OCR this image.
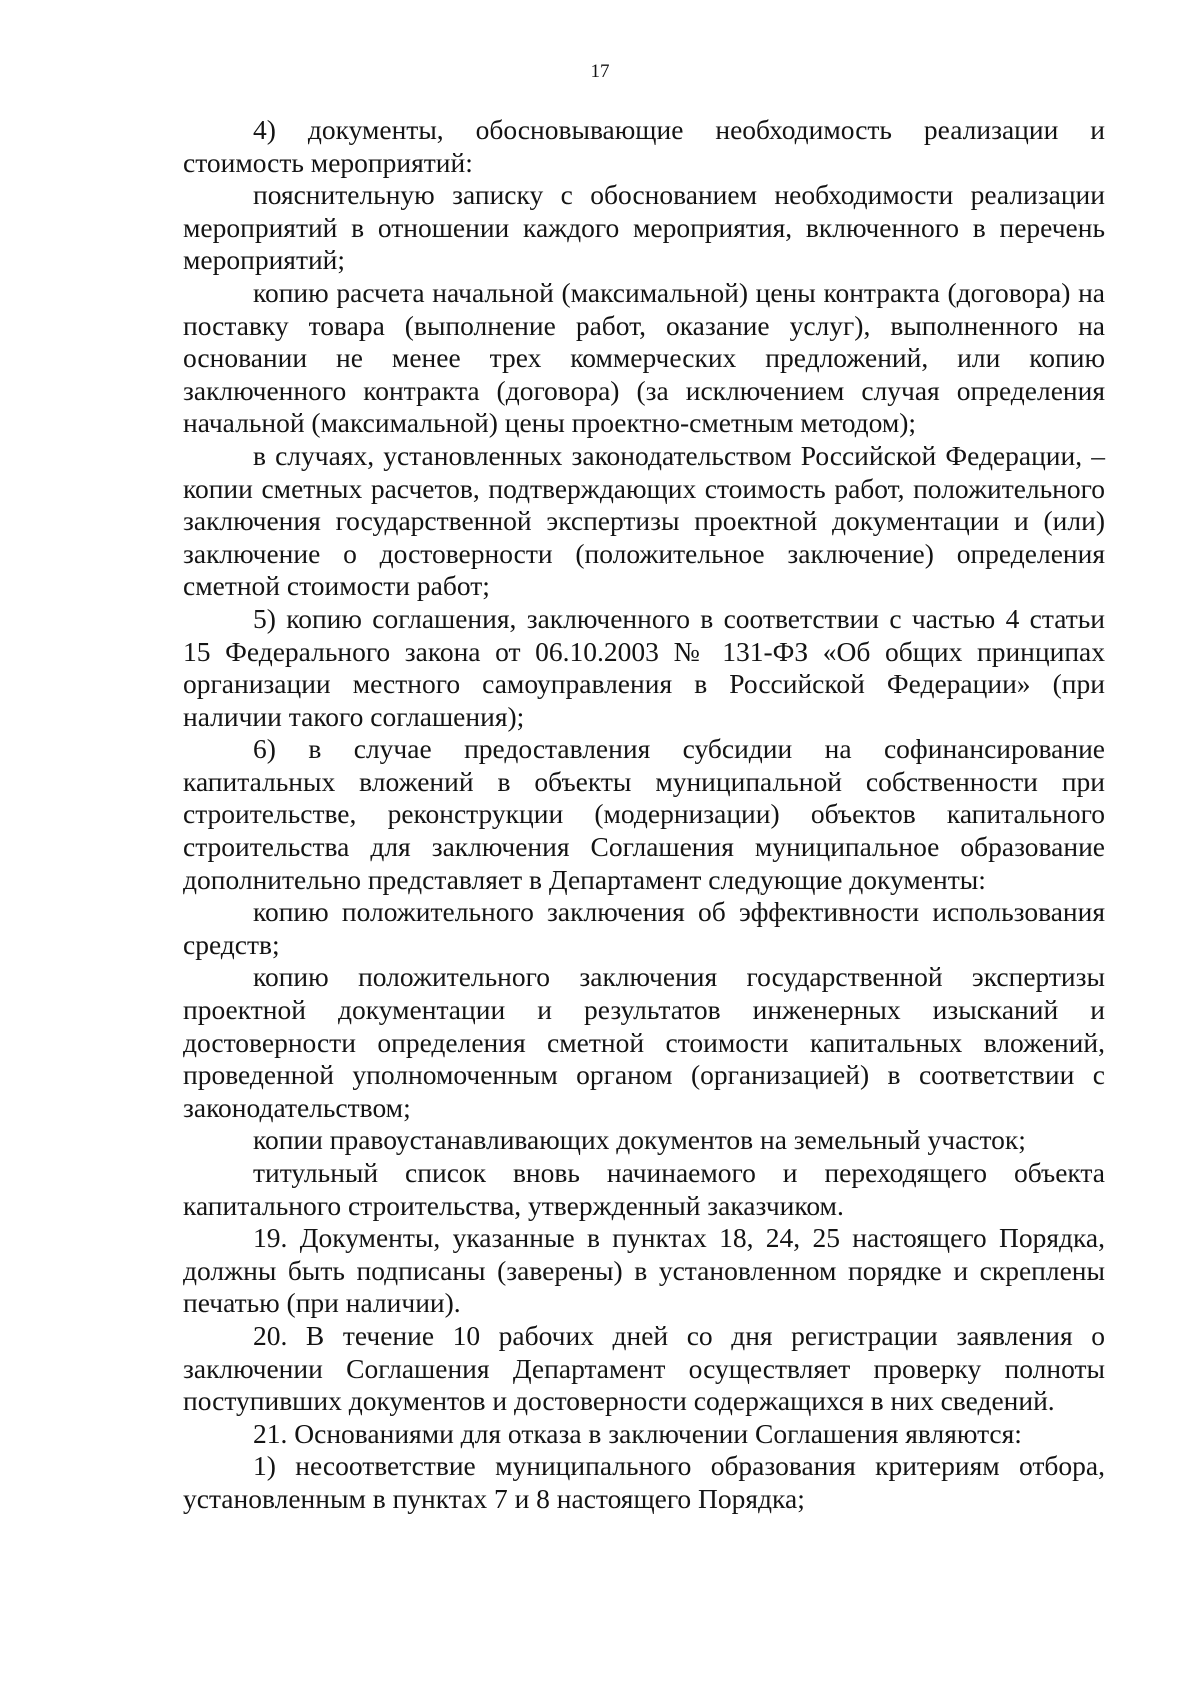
17

4) документы, обосновывающие необходимость реализации и стоимость мероприятий:

пояснительную записку с обоснованием необходимости реализации мероприятий в отношении каждого мероприятия, включенного в перечень мероприятий;

копию расчета начальной (максимальной) цены контракта (договора) на поставку товара (выполнение работ, оказание услуг), выполненного на основании не менее трех коммерческих предложений, или копию заключенного контракта (договора) (за исключением случая определения начальной (максимальной) цены проектно-сметным методом);

в случаях, установленных законодательством Российской Федерации, – копии сметных расчетов, подтверждающих стоимость работ, положительного заключения государственной экспертизы проектной документации и (или) заключение о достоверности (положительное заключение) определения сметной стоимости работ;

5) копию соглашения, заключенного в соответствии с частью 4 статьи 15 Федерального закона от 06.10.2003 № 131-ФЗ «Об общих принципах организации местного самоуправления в Российской Федерации» (при наличии такого соглашения);

6) в случае предоставления субсидии на софинансирование капитальных вложений в объекты муниципальной собственности при строительстве, реконструкции (модернизации) объектов капитального строительства для заключения Соглашения муниципальное образование дополнительно представляет в Департамент следующие документы:

копию положительного заключения об эффективности использования средств;

копию положительного заключения государственной экспертизы проектной документации и результатов инженерных изысканий и достоверности определения сметной стоимости капитальных вложений, проведенной уполномоченным органом (организацией) в соответствии с законодательством;

копии правоустанавливающих документов на земельный участок;

титульный список вновь начинаемого и переходящего объекта капитального строительства, утвержденный заказчиком.

19. Документы, указанные в пунктах 18, 24, 25 настоящего Порядка, должны быть подписаны (заверены) в установленном порядке и скреплены печатью (при наличии).

20. В течение 10 рабочих дней со дня регистрации заявления о заключении Соглашения Департамент осуществляет проверку полноты поступивших документов и достоверности содержащихся в них сведений.

21. Основаниями для отказа в заключении Соглашения являются:

1) несоответствие муниципального образования критериям отбора, установленным в пунктах 7 и 8 настоящего Порядка;
